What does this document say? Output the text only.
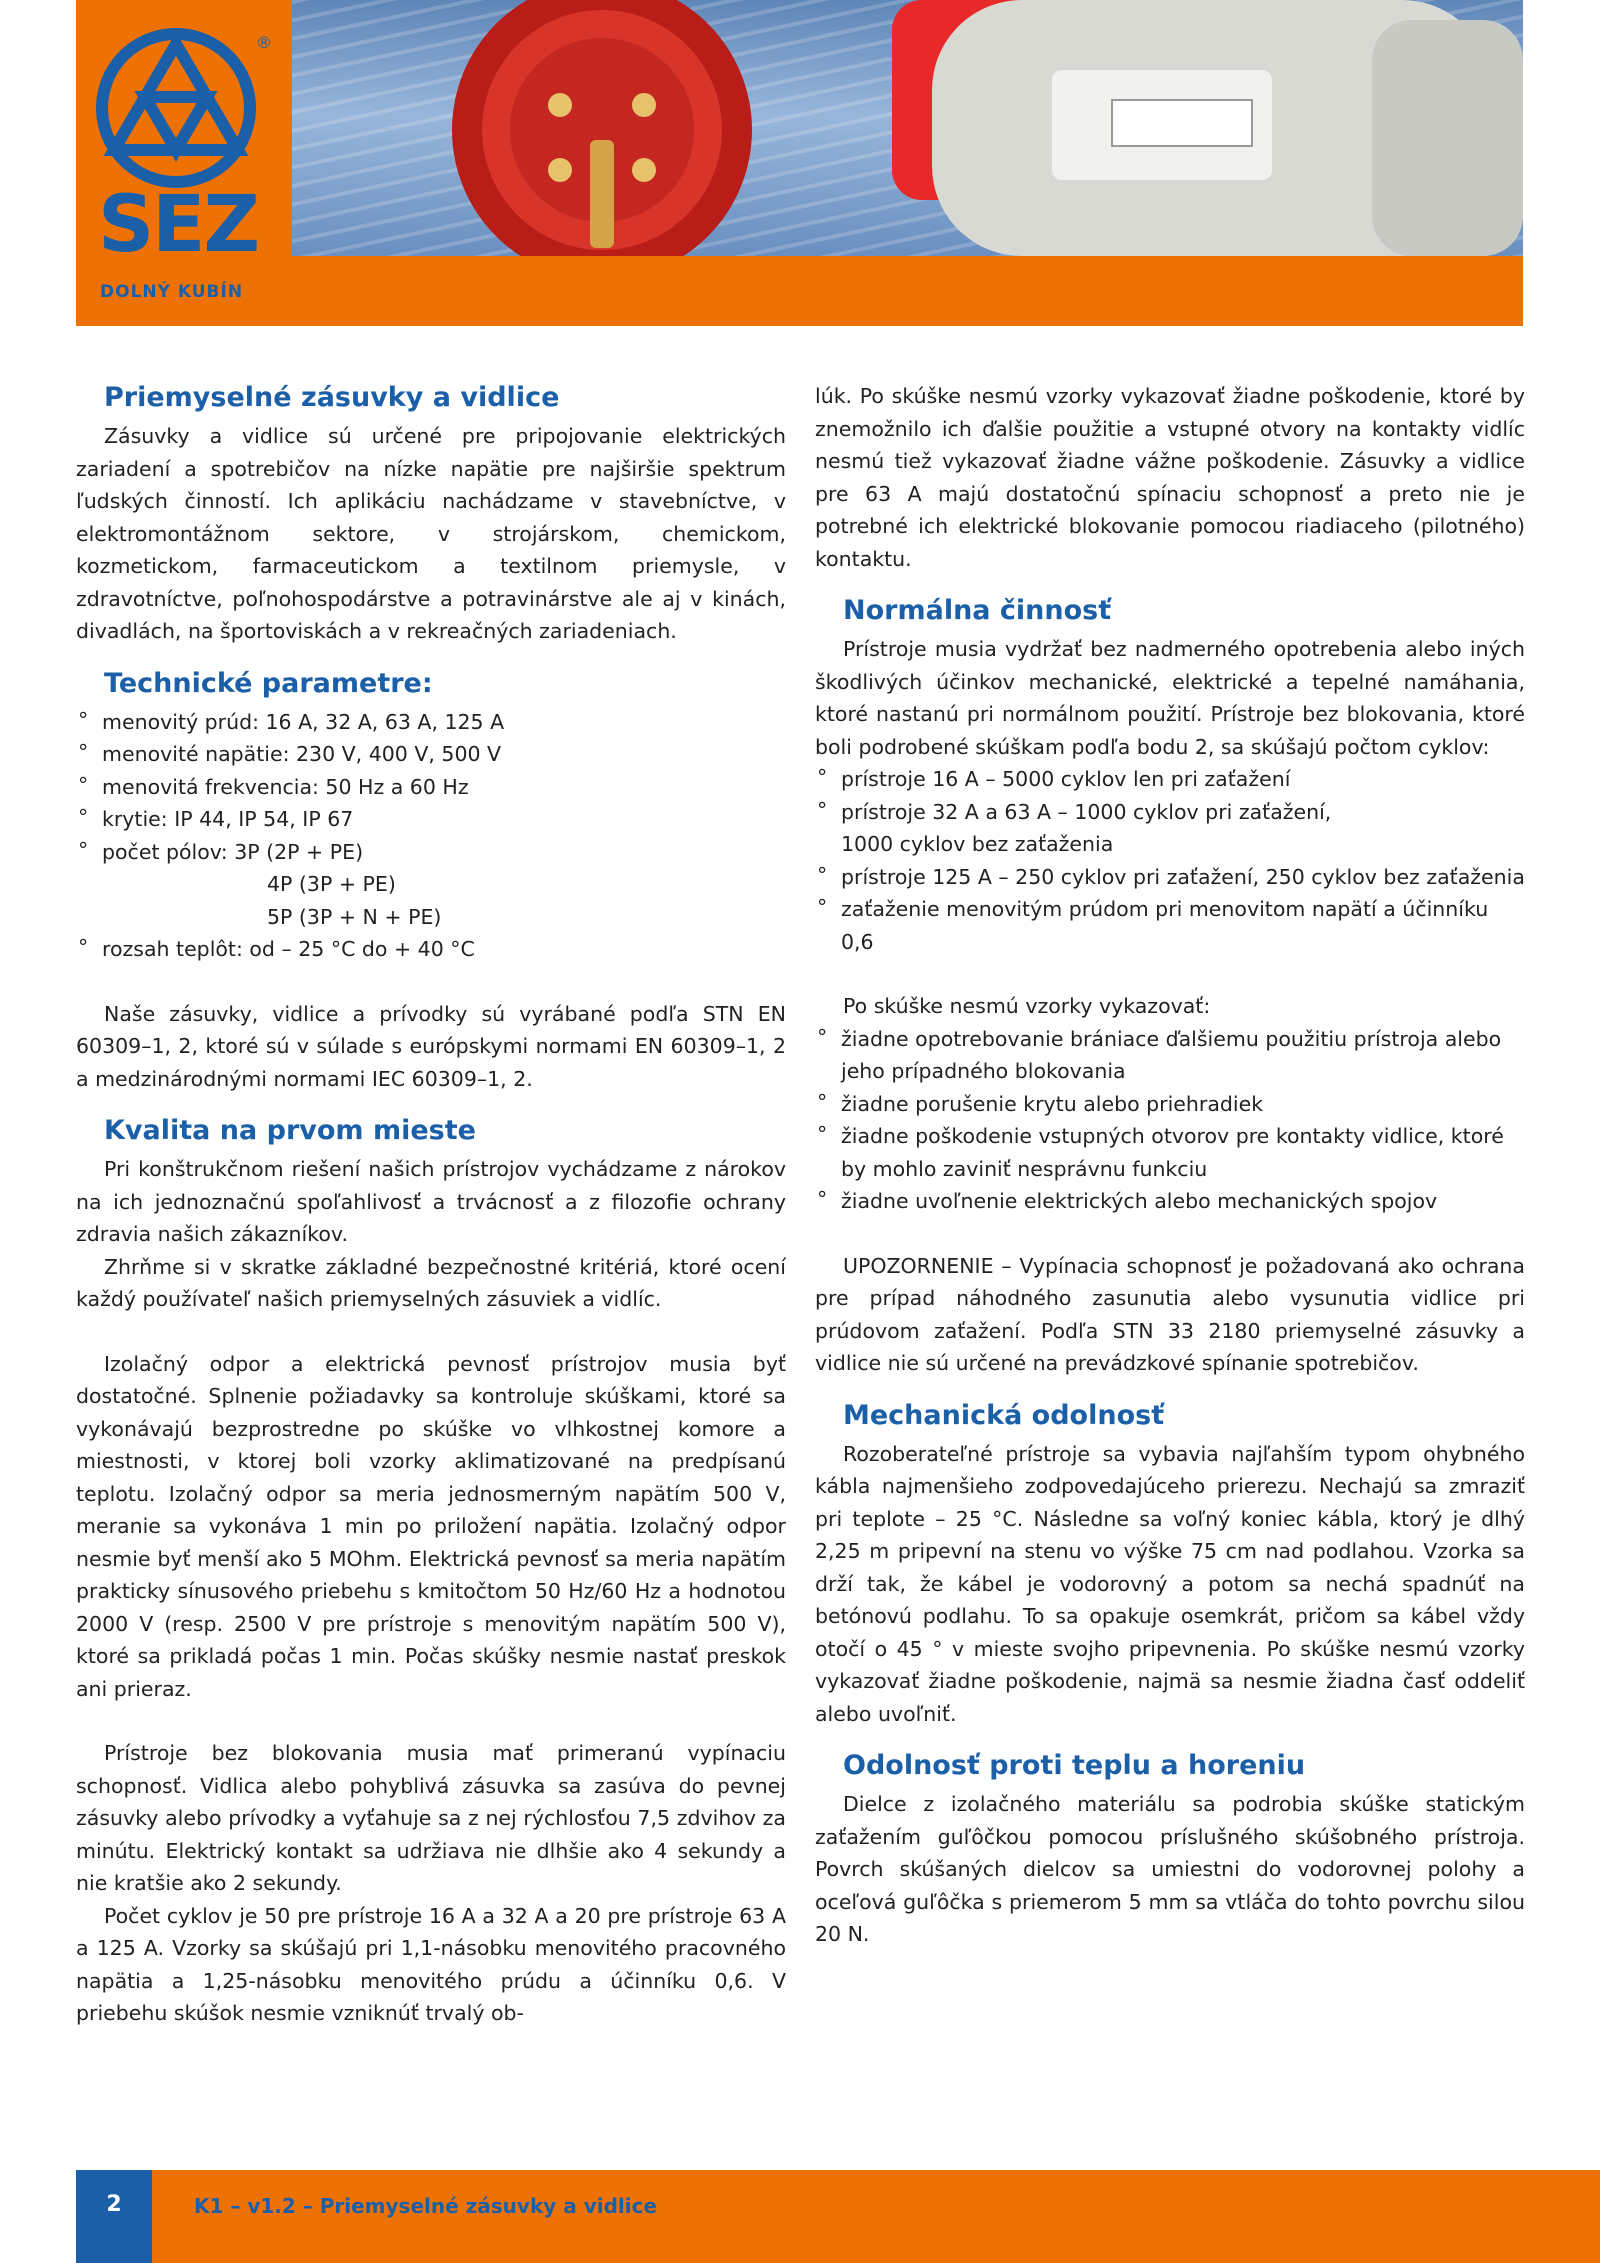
®
SEZ
DOLNÝ KUBÍN
Priemyselné zásuvky a vidlice

Zásuvky a vidlice sú určené pre pripojovanie elektrických zariadení a spotrebičov na nízke napätie pre najširšie spektrum ľudských činností. Ich aplikáciu nachádzame v stavebníctve, v elektromontážnom sektore, v strojárskom, chemickom, kozmetickom, farmaceutickom a textilnom priemysle, v zdravotníctve, poľnohospodárstve a potravinárstve ale aj v kinách, divadlách, na športoviskách a v rekreačných zariadeniach.

Technické parametre:
° menovitý prúd: 16 A, 32 A, 63 A, 125 A
° menovité napätie: 230 V, 400 V, 500 V
° menovitá frekvencia: 50 Hz a 60 Hz
° krytie: IP 44, IP 54, IP 67
° počet pólov: 3P (2P + PE)
4P (3P + PE)
5P (3P + N + PE)
° rozsah teplôt: od – 25 °C do + 40 °C

Naše zásuvky, vidlice a prívodky sú vyrábané podľa STN EN 60309–1, 2, ktoré sú v súlade s európskymi normami EN 60309–1, 2 a medzinárodnými normami IEC 60309–1, 2.

Kvalita na prvom mieste

Pri konštrukčnom riešení našich prístrojov vychádzame z nárokov na ich jednoznačnú spoľahlivosť a trvácnosť a z filozofie ochrany zdravia našich zákazníkov.

Zhrňme si v skratke základné bezpečnostné kritériá, ktoré ocení každý používateľ našich priemyselných zásuviek a vidlíc.

Izolačný odpor a elektrická pevnosť prístrojov musia byť dostatočné. Splnenie požiadavky sa kontroluje skúškami, ktoré sa vykonávajú bezprostredne po skúške vo vlhkostnej komore a miestnosti, v ktorej boli vzorky aklimatizované na predpísanú teplotu. Izolačný odpor sa meria jednosmerným napätím 500 V, meranie sa vykonáva 1 min po priložení napätia. Izolačný odpor nesmie byť menší ako 5 MOhm. Elektrická pevnosť sa meria napätím prakticky sínusového priebehu s kmitočtom 50 Hz/60 Hz a hodnotou 2000 V (resp. 2500 V pre prístroje s menovitým napätím 500 V), ktoré sa prikladá počas 1 min. Počas skúšky nesmie nastať preskok ani prieraz.

Prístroje bez blokovania musia mať primeranú vypínaciu schopnosť. Vidlica alebo pohyblivá zásuvka sa zasúva do pevnej zásuvky alebo prívodky a vyťahuje sa z nej rýchlosťou 7,5 zdvihov za minútu. Elektrický kontakt sa udržiava nie dlhšie ako 4 sekundy a nie kratšie ako 2 sekundy.

Počet cyklov je 50 pre prístroje 16 A a 32 A a 20 pre prístroje 63 A a 125 A. Vzorky sa skúšajú pri 1,1-násobku menovitého pracovného napätia a 1,25-násobku menovitého prúdu a účinníku 0,6. V priebehu skúšok nesmie vzniknúť trvalý ob-

lúk. Po skúške nesmú vzorky vykazovať žiadne poškodenie, ktoré by znemožnilo ich ďalšie použitie a vstupné otvory na kontakty vidlíc nesmú tiež vykazovať žiadne vážne poškodenie. Zásuvky a vidlice pre 63 A majú dostatočnú spínaciu schopnosť a preto nie je potrebné ich elektrické blokovanie pomocou riadiaceho (pilotného) kontaktu.

Normálna činnosť

Prístroje musia vydržať bez nadmerného opotrebenia alebo iných škodlivých účinkov mechanické, elektrické a tepelné namáhania, ktoré nastanú pri normálnom použití. Prístroje bez blokovania, ktoré boli podrobené skúškam podľa bodu 2, sa skúšajú počtom cyklov:

° prístroje 16 A – 5000 cyklov len pri zaťažení
° prístroje 32 A a 63 A – 1000 cyklov pri zaťažení,
1000 cyklov bez zaťaženia
° prístroje 125 A – 250 cyklov pri zaťažení, 250 cyklov bez zaťaženia
° zaťaženie menovitým prúdom pri menovitom napätí a účinníku 0,6

Po skúške nesmú vzorky vykazovať:

° žiadne opotrebovanie brániace ďalšiemu použitiu prístroja alebo jeho prípadného blokovania
° žiadne porušenie krytu alebo priehradiek
° žiadne poškodenie vstupných otvorov pre kontakty vidlice, ktoré by mohlo zaviniť nesprávnu funkciu
° žiadne uvoľnenie elektrických alebo mechanických spojov

UPOZORNENIE – Vypínacia schopnosť je požadovaná ako ochrana pre prípad náhodného zasunutia alebo vysunutia vidlice pri prúdovom zaťažení. Podľa STN 33 2180 priemyselné zásuvky a vidlice nie sú určené na prevádzkové spínanie spotrebičov.

Mechanická odolnosť

Rozoberateľné prístroje sa vybavia najľahším typom ohybného kábla najmenšieho zodpovedajúceho prierezu. Nechajú sa zmraziť pri teplote – 25 °C. Následne sa voľný koniec kábla, ktorý je dlhý 2,25 m pripevní na stenu vo výške 75 cm nad podlahou. Vzorka sa drží tak, že kábel je vodorovný a potom sa nechá spadnúť na betónovú podlahu. To sa opakuje osemkrát, pričom sa kábel vždy otočí o 45 ° v mieste svojho pripevnenia. Po skúške nesmú vzorky vykazovať žiadne poškodenie, najmä sa nesmie žiadna časť oddeliť alebo uvoľniť.

Odolnosť proti teplu a horeniu

Dielce z izolačného materiálu sa podrobia skúške statickým zaťažením guľôčkou pomocou príslušného skúšobného prístroja. Povrch skúšaných dielcov sa umiestni do vodorovnej polohy a oceľová guľôčka s priemerom 5 mm sa vtláča do tohto povrchu silou 20 N.

2	K1 – v1.2 – Priemyselné zásuvky a vidlice
